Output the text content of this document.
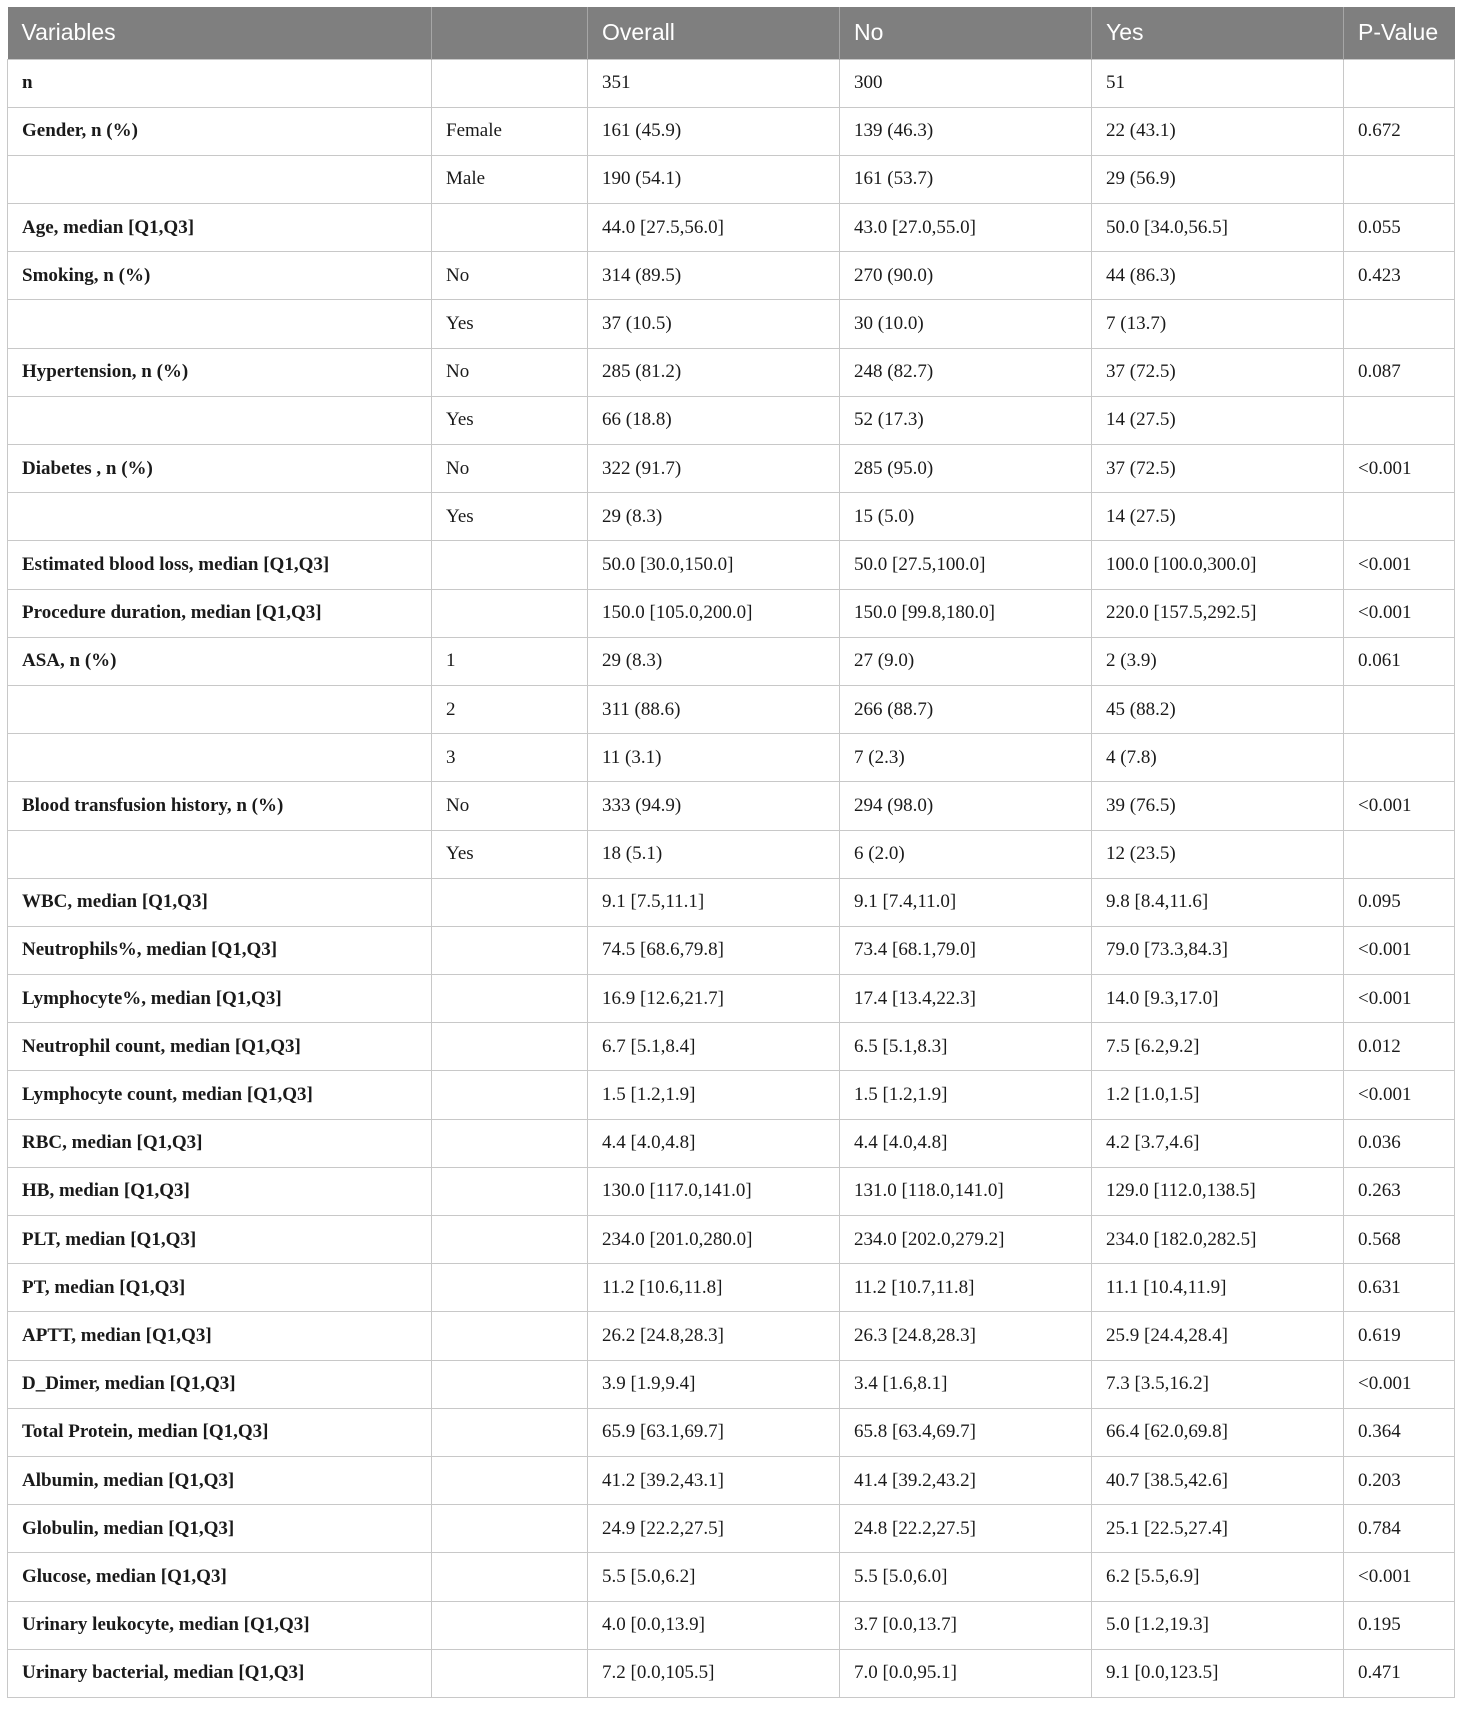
Variables		Overall	No	Yes	P-Value
n		351	300	51	
Gender, n (%)	Female	161 (45.9)	139 (46.3)	22 (43.1)	0.672
	Male	190 (54.1)	161 (53.7)	29 (56.9)	
Age, median [Q1,Q3]		44.0 [27.5,56.0]	43.0 [27.0,55.0]	50.0 [34.0,56.5]	0.055
Smoking, n (%)	No	314 (89.5)	270 (90.0)	44 (86.3)	0.423
	Yes	37 (10.5)	30 (10.0)	7 (13.7)	
Hypertension, n (%)	No	285 (81.2)	248 (82.7)	37 (72.5)	0.087
	Yes	66 (18.8)	52 (17.3)	14 (27.5)	
Diabetes , n (%)	No	322 (91.7)	285 (95.0)	37 (72.5)	<0.001
	Yes	29 (8.3)	15 (5.0)	14 (27.5)	
Estimated blood loss, median [Q1,Q3]		50.0 [30.0,150.0]	50.0 [27.5,100.0]	100.0 [100.0,300.0]	<0.001
Procedure duration, median [Q1,Q3]		150.0 [105.0,200.0]	150.0 [99.8,180.0]	220.0 [157.5,292.5]	<0.001
ASA, n (%)	1	29 (8.3)	27 (9.0)	2 (3.9)	0.061
	2	311 (88.6)	266 (88.7)	45 (88.2)	
	3	11 (3.1)	7 (2.3)	4 (7.8)	
Blood transfusion history, n (%)	No	333 (94.9)	294 (98.0)	39 (76.5)	<0.001
	Yes	18 (5.1)	6 (2.0)	12 (23.5)	
WBC, median [Q1,Q3]		9.1 [7.5,11.1]	9.1 [7.4,11.0]	9.8 [8.4,11.6]	0.095
Neutrophils%, median [Q1,Q3]		74.5 [68.6,79.8]	73.4 [68.1,79.0]	79.0 [73.3,84.3]	<0.001
Lymphocyte%, median [Q1,Q3]		16.9 [12.6,21.7]	17.4 [13.4,22.3]	14.0 [9.3,17.0]	<0.001
Neutrophil count, median [Q1,Q3]		6.7 [5.1,8.4]	6.5 [5.1,8.3]	7.5 [6.2,9.2]	0.012
Lymphocyte count, median [Q1,Q3]		1.5 [1.2,1.9]	1.5 [1.2,1.9]	1.2 [1.0,1.5]	<0.001
RBC, median [Q1,Q3]		4.4 [4.0,4.8]	4.4 [4.0,4.8]	4.2 [3.7,4.6]	0.036
HB, median [Q1,Q3]		130.0 [117.0,141.0]	131.0 [118.0,141.0]	129.0 [112.0,138.5]	0.263
PLT, median [Q1,Q3]		234.0 [201.0,280.0]	234.0 [202.0,279.2]	234.0 [182.0,282.5]	0.568
PT, median [Q1,Q3]		11.2 [10.6,11.8]	11.2 [10.7,11.8]	11.1 [10.4,11.9]	0.631
APTT, median [Q1,Q3]		26.2 [24.8,28.3]	26.3 [24.8,28.3]	25.9 [24.4,28.4]	0.619
D_Dimer, median [Q1,Q3]		3.9 [1.9,9.4]	3.4 [1.6,8.1]	7.3 [3.5,16.2]	<0.001
Total Protein, median [Q1,Q3]		65.9 [63.1,69.7]	65.8 [63.4,69.7]	66.4 [62.0,69.8]	0.364
Albumin, median [Q1,Q3]		41.2 [39.2,43.1]	41.4 [39.2,43.2]	40.7 [38.5,42.6]	0.203
Globulin, median [Q1,Q3]		24.9 [22.2,27.5]	24.8 [22.2,27.5]	25.1 [22.5,27.4]	0.784
Glucose, median [Q1,Q3]		5.5 [5.0,6.2]	5.5 [5.0,6.0]	6.2 [5.5,6.9]	<0.001
Urinary leukocyte, median [Q1,Q3]		4.0 [0.0,13.9]	3.7 [0.0,13.7]	5.0 [1.2,19.3]	0.195
Urinary bacterial, median [Q1,Q3]		7.2 [0.0,105.5]	7.0 [0.0,95.1]	9.1 [0.0,123.5]	0.471
